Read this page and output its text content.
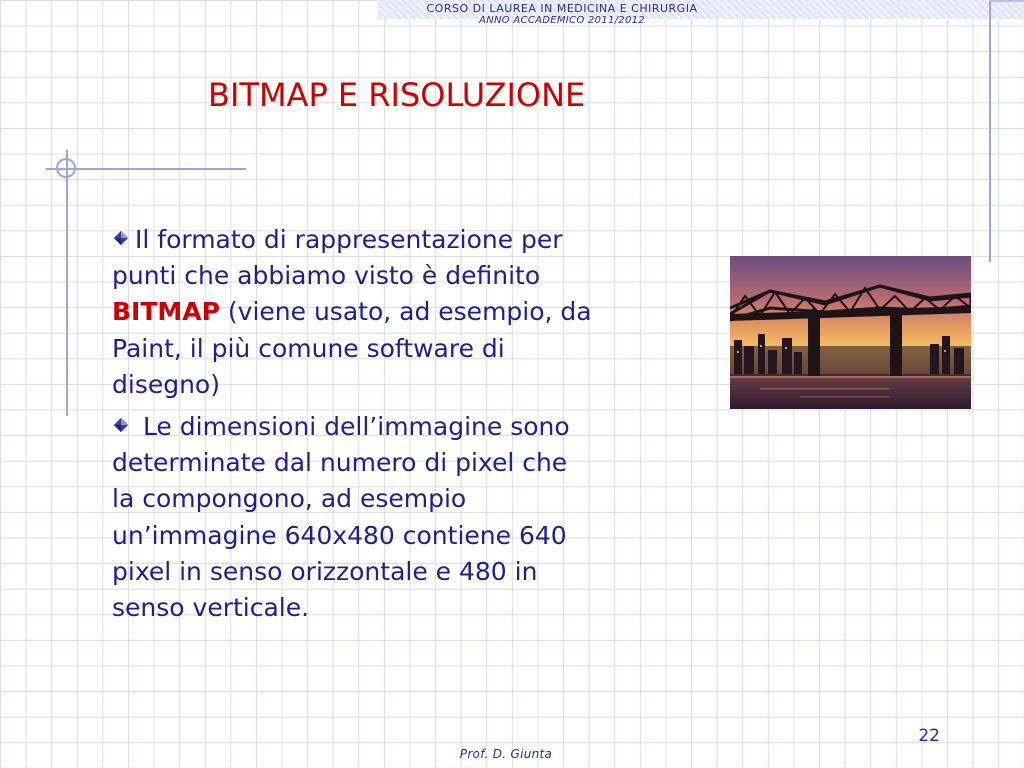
CORSO DI LAUREA IN MEDICINA E CHIRURGIA
ANNO ACCADEMICO 2011/2012
BITMAP E RISOLUZIONE
Il formato di rappresentazione per
punti che abbiamo visto è definito
BITMAP (viene usato, ad esempio, da
Paint, il più comune software di
disegno)
Le dimensioni dell’immagine sono
determinate dal numero di pixel che
la compongono, ad esempio
un’immagine 640x480 contiene 640
pixel in senso orizzontale e 480 in
senso verticale.
22
Prof. D. Giunta
